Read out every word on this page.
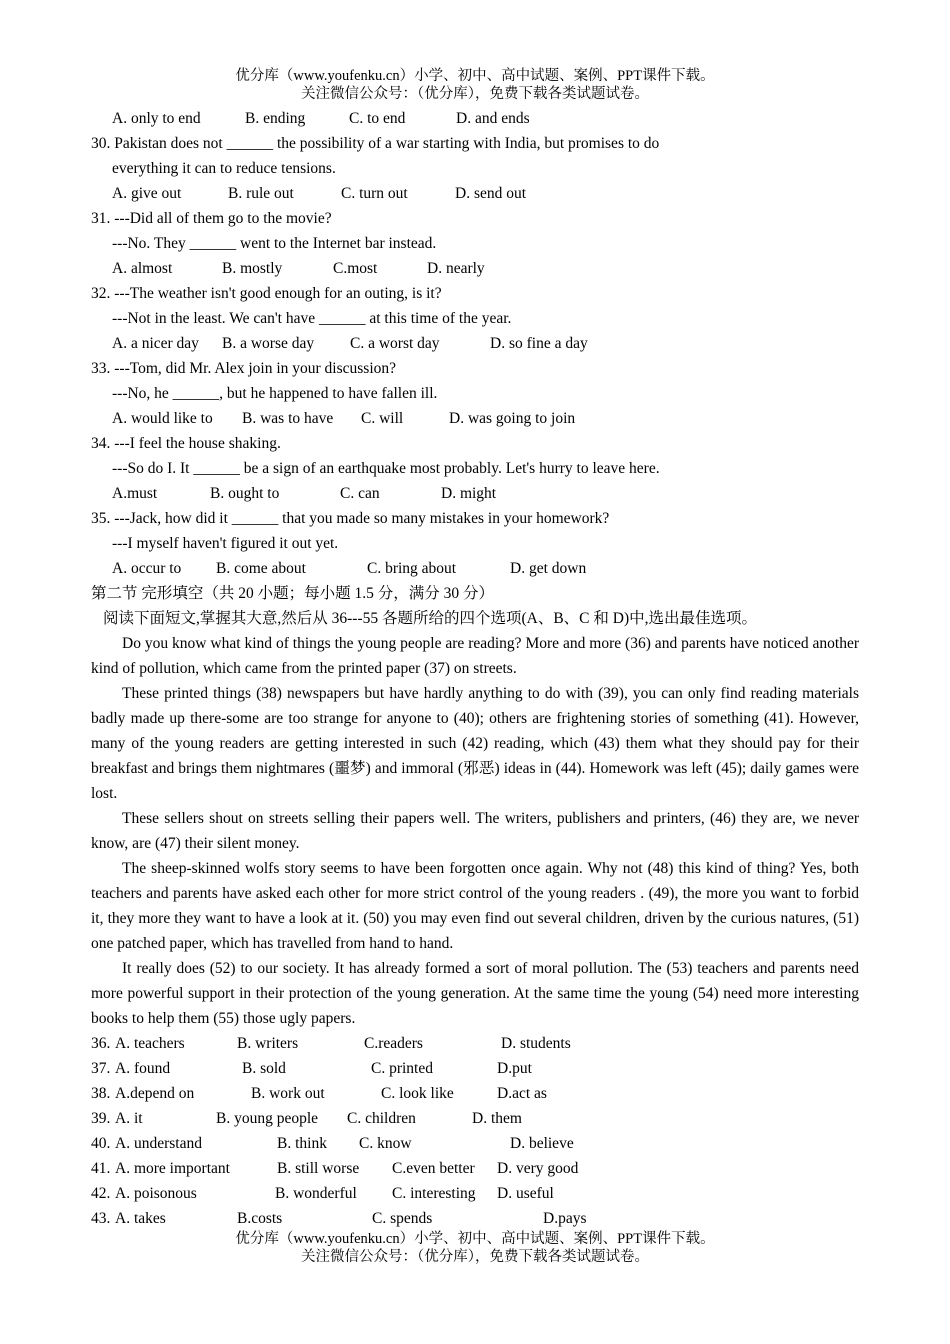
优分库（www.youfenku.cn）小学、初中、高中试题、案例、PPT课件下载。
关注微信公众号：（优分库），免费下载各类试题试卷。
A. only to end	B. ending	C. to end	D. and ends
30. Pakistan does not ______ the possibility of a war starting with India, but promises to do
everything it can to reduce tensions.
A. give out	B. rule out	C. turn out	D. send out
31. ---Did all of them go to the movie?
---No. They ______ went to the Internet bar instead.
A. almost	B. mostly	C.most	D. nearly
32. ---The weather isn't good enough for an outing, is it?
---Not in the least. We can't have ______ at this time of the year.
A. a nicer day B. a worse day C. a worst day	D. so fine a day
33. ---Tom, did Mr. Alex join in your discussion?
---No, he ______, but he happened to have fallen ill.
A. would like to B. was to have C. will	D. was going to join
34. ---I feel the house shaking.
---So do I. It ______ be a sign of an earthquake most probably. Let's hurry to leave here.
A.must	B. ought to	C. can	D. might
35. ---Jack, how did it ______ that you made so many mistakes in your homework?
---I myself haven't figured it out yet.
A. occur to B. come about	C. bring about	D. get down
第二节 完形填空（共 20 小题；每小题 1.5 分，满分 30 分）
阅读下面短文,掌握其大意,然后从 36---55 各题所给的四个选项(A、B、C 和 D)中,选出最佳选项。
Do you know what kind of things the young people are reading? More and more (36) and parents have noticed another kind of pollution, which came from the printed paper (37) on streets.
These printed things (38) newspapers but have hardly anything to do with (39), you can only find reading materials badly made up there-some are too strange for anyone to (40); others are frightening stories of something (41). However, many of the young readers are getting interested in such (42) reading, which (43) them what they should pay for their breakfast and brings them nightmares (噩梦) and immoral (邪恶) ideas in (44). Homework was left (45); daily games were lost.
These sellers shout on streets selling their papers well. The writers, publishers and printers, (46) they are, we never know, are (47) their silent money.
The sheep-skinned wolfs story seems to have been forgotten once again. Why not (48) this kind of thing? Yes, both teachers and parents have asked each other for more strict control of the young readers . (49), the more you want to forbid it, they more they want to have a look at it. (50) you may even find out several children, driven by the curious natures, (51) one patched paper, which has travelled from hand to hand.
It really does (52) to our society. It has already formed a sort of moral pollution. The (53) teachers and parents need more powerful support in their protection of the young generation. At the same time the young (54) need more interesting books to help them (55) those ugly papers.
36. A. teachers	B. writers	C.readers	D. students
37. A. found	B. sold	C. printed	D.put
38. A.depend on	B. work out	C. look like	D.act as
39. A. it	B. young people C. children	D. them
40. A. understand	B. think C. know	D. believe
41. A. more important	B. still worse C.even better D. very good
42. A. poisonous	B. wonderful C. interesting D. useful
43. A. takes	B.costs	C. spends	D.pays
优分库（www.youfenku.cn）小学、初中、高中试题、案例、PPT课件下载。
关注微信公众号：（优分库），免费下载各类试题试卷。
